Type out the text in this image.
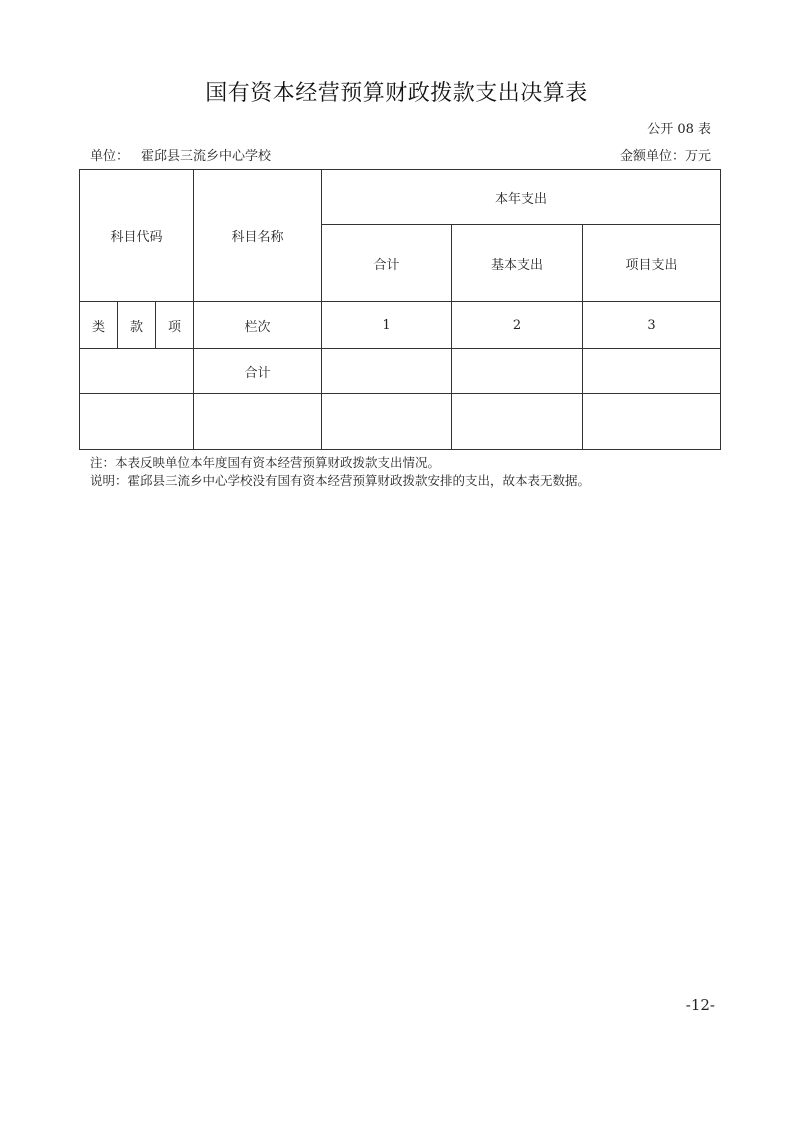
国有资本经营预算财政拨款支出决算表
公开 08 表
单位： 霍邱县三流乡中心学校	金额单位：万元
科目代码			科目名称	本年支出		
				合计	基本支出	项目支出
类	款	项	栏次	1	2	3
			合计			

注：本表反映单位本年度国有资本经营预算财政拨款支出情况。
说明：霍邱县三流乡中心学校没有国有资本经营预算财政拨款安排的支出，故本表无数据。
-12-
